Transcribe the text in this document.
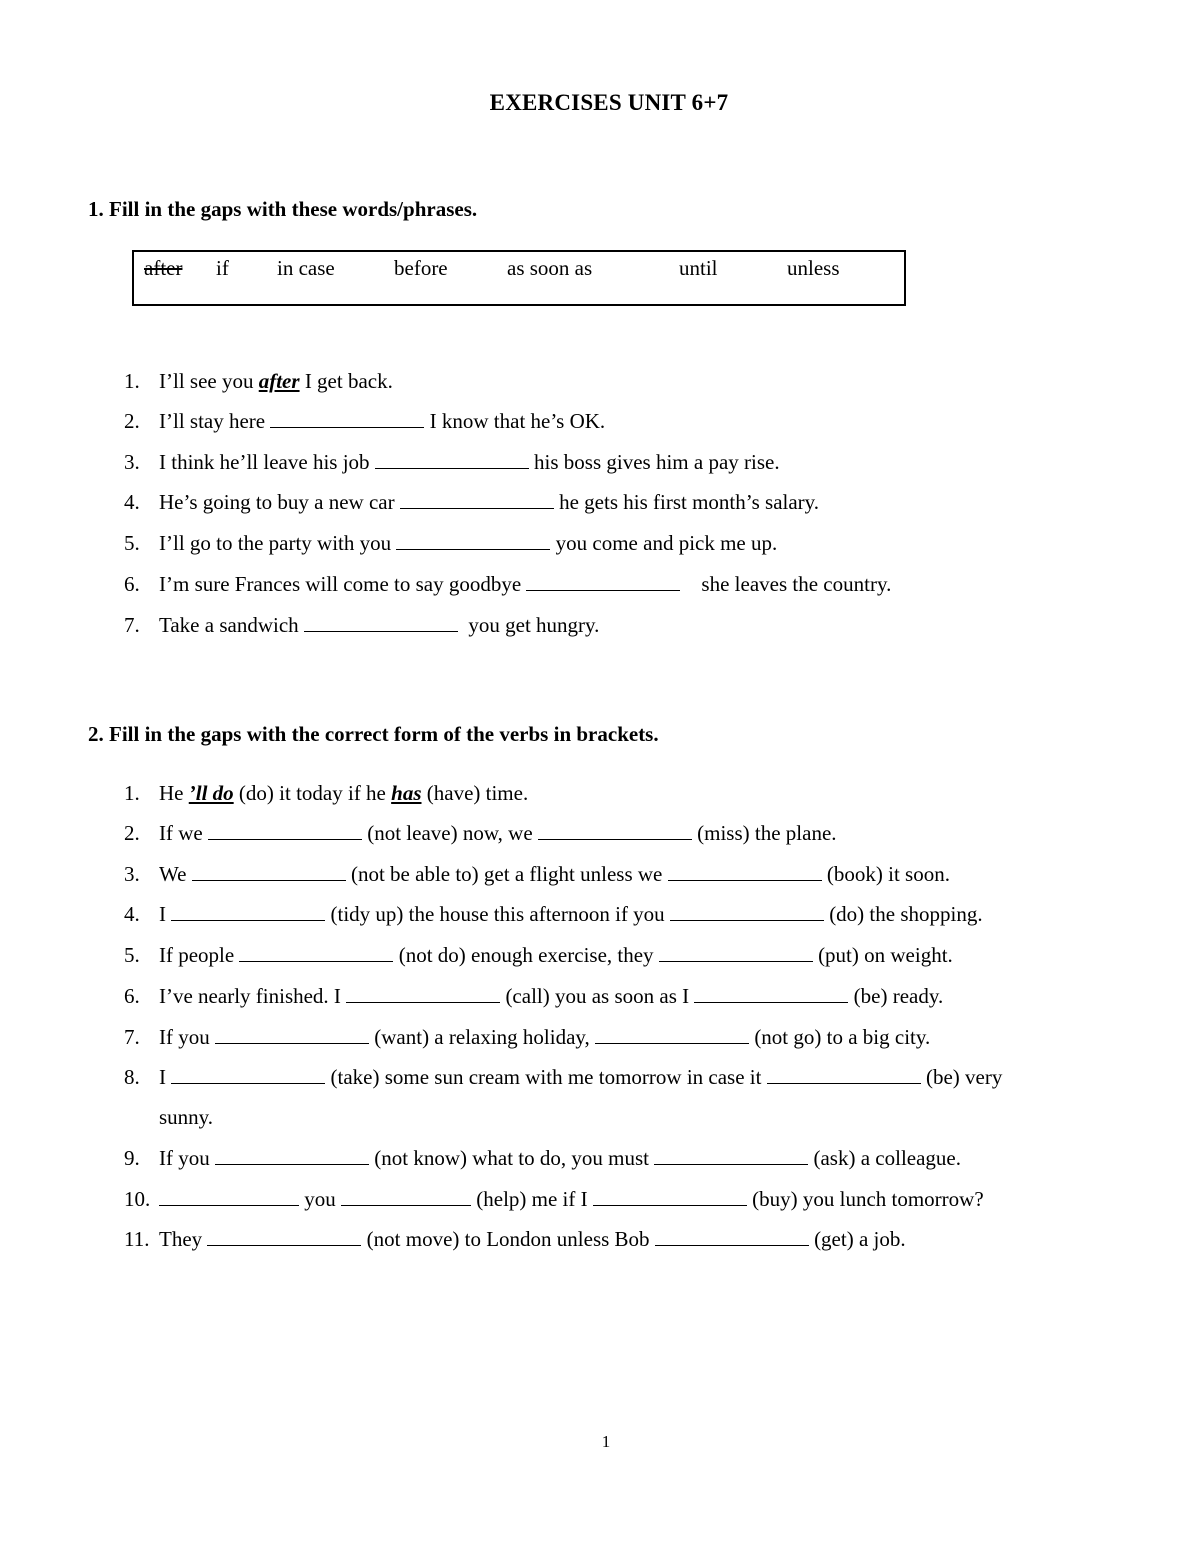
EXERCISES UNIT 6+7
1. Fill in the gaps with these words/phrases.
after if in case	before	as soon as	until	unless
1. I’ll see you after I get back.
2. I’ll stay here	I know that he’s OK.
3. I think he’ll leave his job	his boss gives him a pay rise.
4. He’s going to buy a new car	he gets his first month’s salary.
5. I’ll go to the party with you	you come and pick me up.
6. I’m sure Frances will come to say goodbye	she leaves the country.
7. Take a sandwich	you get hungry.
2. Fill in the gaps with the correct form of the verbs in brackets.
1. He ’ll do (do) it today if he has (have) time.
2. If we	(not leave) now, we	(miss) the plane.
3. We	(not be able to) get a flight unless we	(book) it soon.
4. I	(tidy up) the house this afternoon if you	(do) the shopping.
5. If people	(not do) enough exercise, they	(put) on weight.
6. I’ve nearly finished. I	(call) you as soon as I	(be) ready.
7. If you	(want) a relaxing holiday,	(not go) to a big city.
8. I	(take) some sun cream with me tomorrow in case it	(be) very
sunny.
9. If you	(not know) what to do, you must	(ask) a colleague.
10.	you	(help) me if I	(buy) you lunch tomorrow?
11. They	(not move) to London unless Bob	(get) a job.
1
